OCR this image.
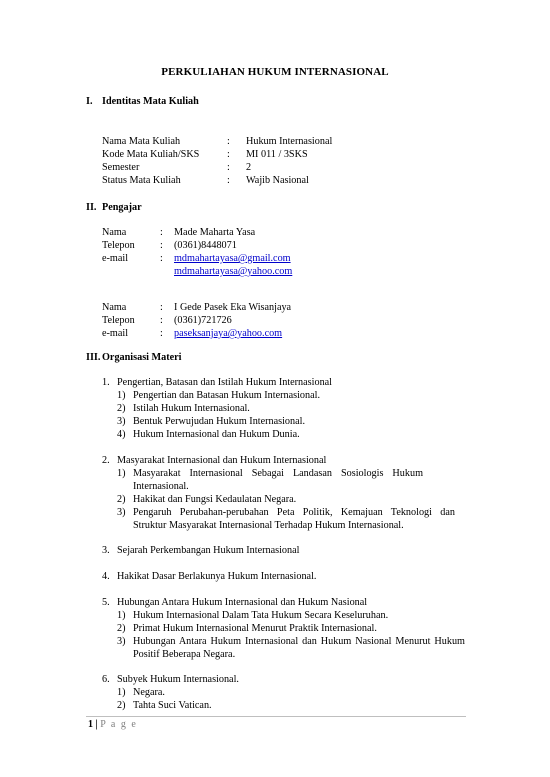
PERKULIAHAN HUKUM INTERNASIONAL
I. Identitas Mata Kuliah
Nama Mata Kuliah	: Hukum Internasional
Kode Mata Kuliah/SKS	: MI 011 / 3SKS
Semester	: 2
Status Mata Kuliah	: Wajib Nasional
II. Pengajar
Nama	: Made Maharta Yasa
Telepon : (0361)8448071
e-mail	: mdmahartayasa@gmail.com
mdmahartayasa@yahoo.com
Nama	: I Gede Pasek Eka Wisanjaya
Telepon : (0361)721726
e-mail	: paseksanjaya@yahoo.com
III. Organisasi Materi
1. Pengertian, Batasan dan Istilah Hukum Internasional
1) Pengertian dan Batasan Hukum Internasional.
2) Istilah Hukum Internasional.
3) Bentuk Perwujudan Hukum Internasional.
4) Hukum Internasional dan Hukum Dunia.
2. Masyarakat Internasional dan Hukum Internasional
1) Masyarakat Internasional Sebagai Landasan Sosiologis Hukum Internasional.
2) Hakikat dan Fungsi Kedaulatan Negara.
3) Pengaruh Perubahan-perubahan Peta Politik, Kemajuan Teknologi dan Struktur Masyarakat Internasional Terhadap Hukum Internasional.
3. Sejarah Perkembangan Hukum Internasional
4. Hakikat Dasar Berlakunya Hukum Internasional.
5. Hubungan Antara Hukum Internasional dan Hukum Nasional
1) Hukum Internasional Dalam Tata Hukum Secara Keseluruhan.
2) Primat Hukum Internasional Menurut Praktik Internasional.
3) Hubungan Antara Hukum Internasional dan Hukum Nasional Menurut Hukum Positif Beberapa Negara.
6. Subyek Hukum Internasional.
1) Negara.
2) Tahta Suci Vatican.
1 | P a g e
